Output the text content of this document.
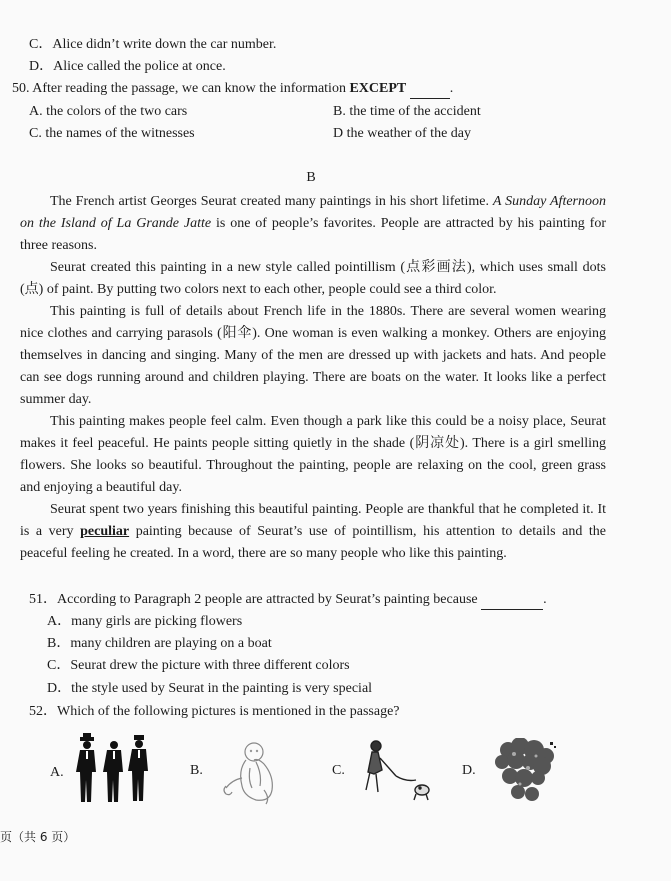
C．Alice didn’t write down the car number.
D．Alice called the police at once.
50. After reading the passage, we can know the information EXCEPT	.
A. the colors of the two cars	B. the time of the accident
C. the names of the witnesses	D the weather of the day
B

The French artist Georges Seurat created many paintings in his short lifetime. A Sunday Afternoon on the Island of La Grande Jatte is one of people’s favorites. People are attracted by his painting for three reasons.

Seurat created this painting in a new style called pointillism (点彩画法), which uses small dots (点) of paint. By putting two colors next to each other, people could see a third color.

This painting is full of details about French life in the 1880s. There are several women wearing nice clothes and carrying parasols (阳伞). One woman is even walking a monkey. Others are enjoying themselves in dancing and singing. Many of the men are dressed up with jackets and hats. And people can see dogs running around and children playing. There are boats on the water. It looks like a perfect summer day.

This painting makes people feel calm. Even though a park like this could be a noisy place, Seurat makes it feel peaceful. He paints people sitting quietly in the shade (阴凉处). There is a girl smelling flowers. She looks so beautiful. Throughout the painting, people are relaxing on the cool, green grass and enjoying a beautiful day.

Seurat spent two years finishing this beautiful painting. People are thankful that he completed it. It is a very peculiar painting because of Seurat’s use of pointillism, his attention to details and the peaceful feeling he created. In a word, there are so many people who like this painting.

51．According to Paragraph 2 people are attracted by Seurat’s painting because	.
A．many girls are picking flowers
B．many children are playing on a boat
C．Seurat drew the picture with three different colors
D．the style used by Seurat in the painting is very special
52．Which of the following pictures is mentioned in the passage?
A.	B.	C.	D.
页（共 6 页）
